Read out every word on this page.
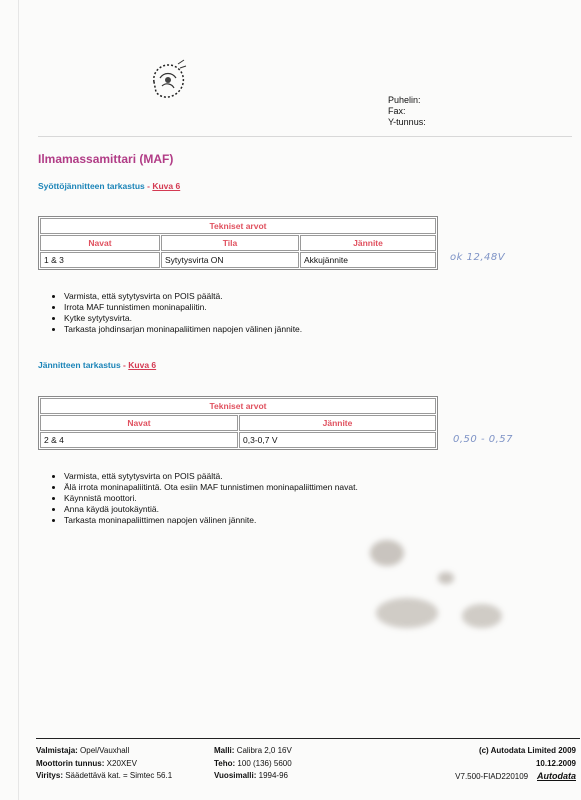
Puhelin:
Fax:
Y-tunnus:
Ilmamassamittari (MAF)
Syöttöjännitteen tarkastus - Kuva 6
Tekniset arvot		
Navat	Tila	Jännite
1 & 3	Sytytysvirta ON	Akkujännite	ok 12,48V
• Varmista, että sytytysvirta on POIS päältä.
• Irrota MAF tunnistimen moninapaliitin.
• Kytke sytytysvirta.
• Tarkasta johdinsarjan moninapaliitimen napojen välinen jännite.
Jännitteen tarkastus - Kuva 6
Tekniset arvot	
Navat	Jännite
2 & 4	0,3-0,7 V	0,50 - 0,57
• Varmista, että sytytysvirta on POIS päältä.
• Älä irrota moninapaliitintä. Ota esiin MAF tunnistimen moninapaliittimen navat.
• Käynnistä moottori.
• Anna käydä joutokäyntiä.
• Tarkasta moninapaliittimen napojen välinen jännite.
Valmistaja: Opel/Vauxhall
Moottorin tunnus: X20XEV
Viritys: Säädettävä kat. = Simtec 56.1
Malli: Calibra 2,0 16V
Teho: 100 (136) 5600
Vuosimalli: 1994-96
(c) Autodata Limited 2009
10.12.2009
V7.500-FIAD220109 Autodata
